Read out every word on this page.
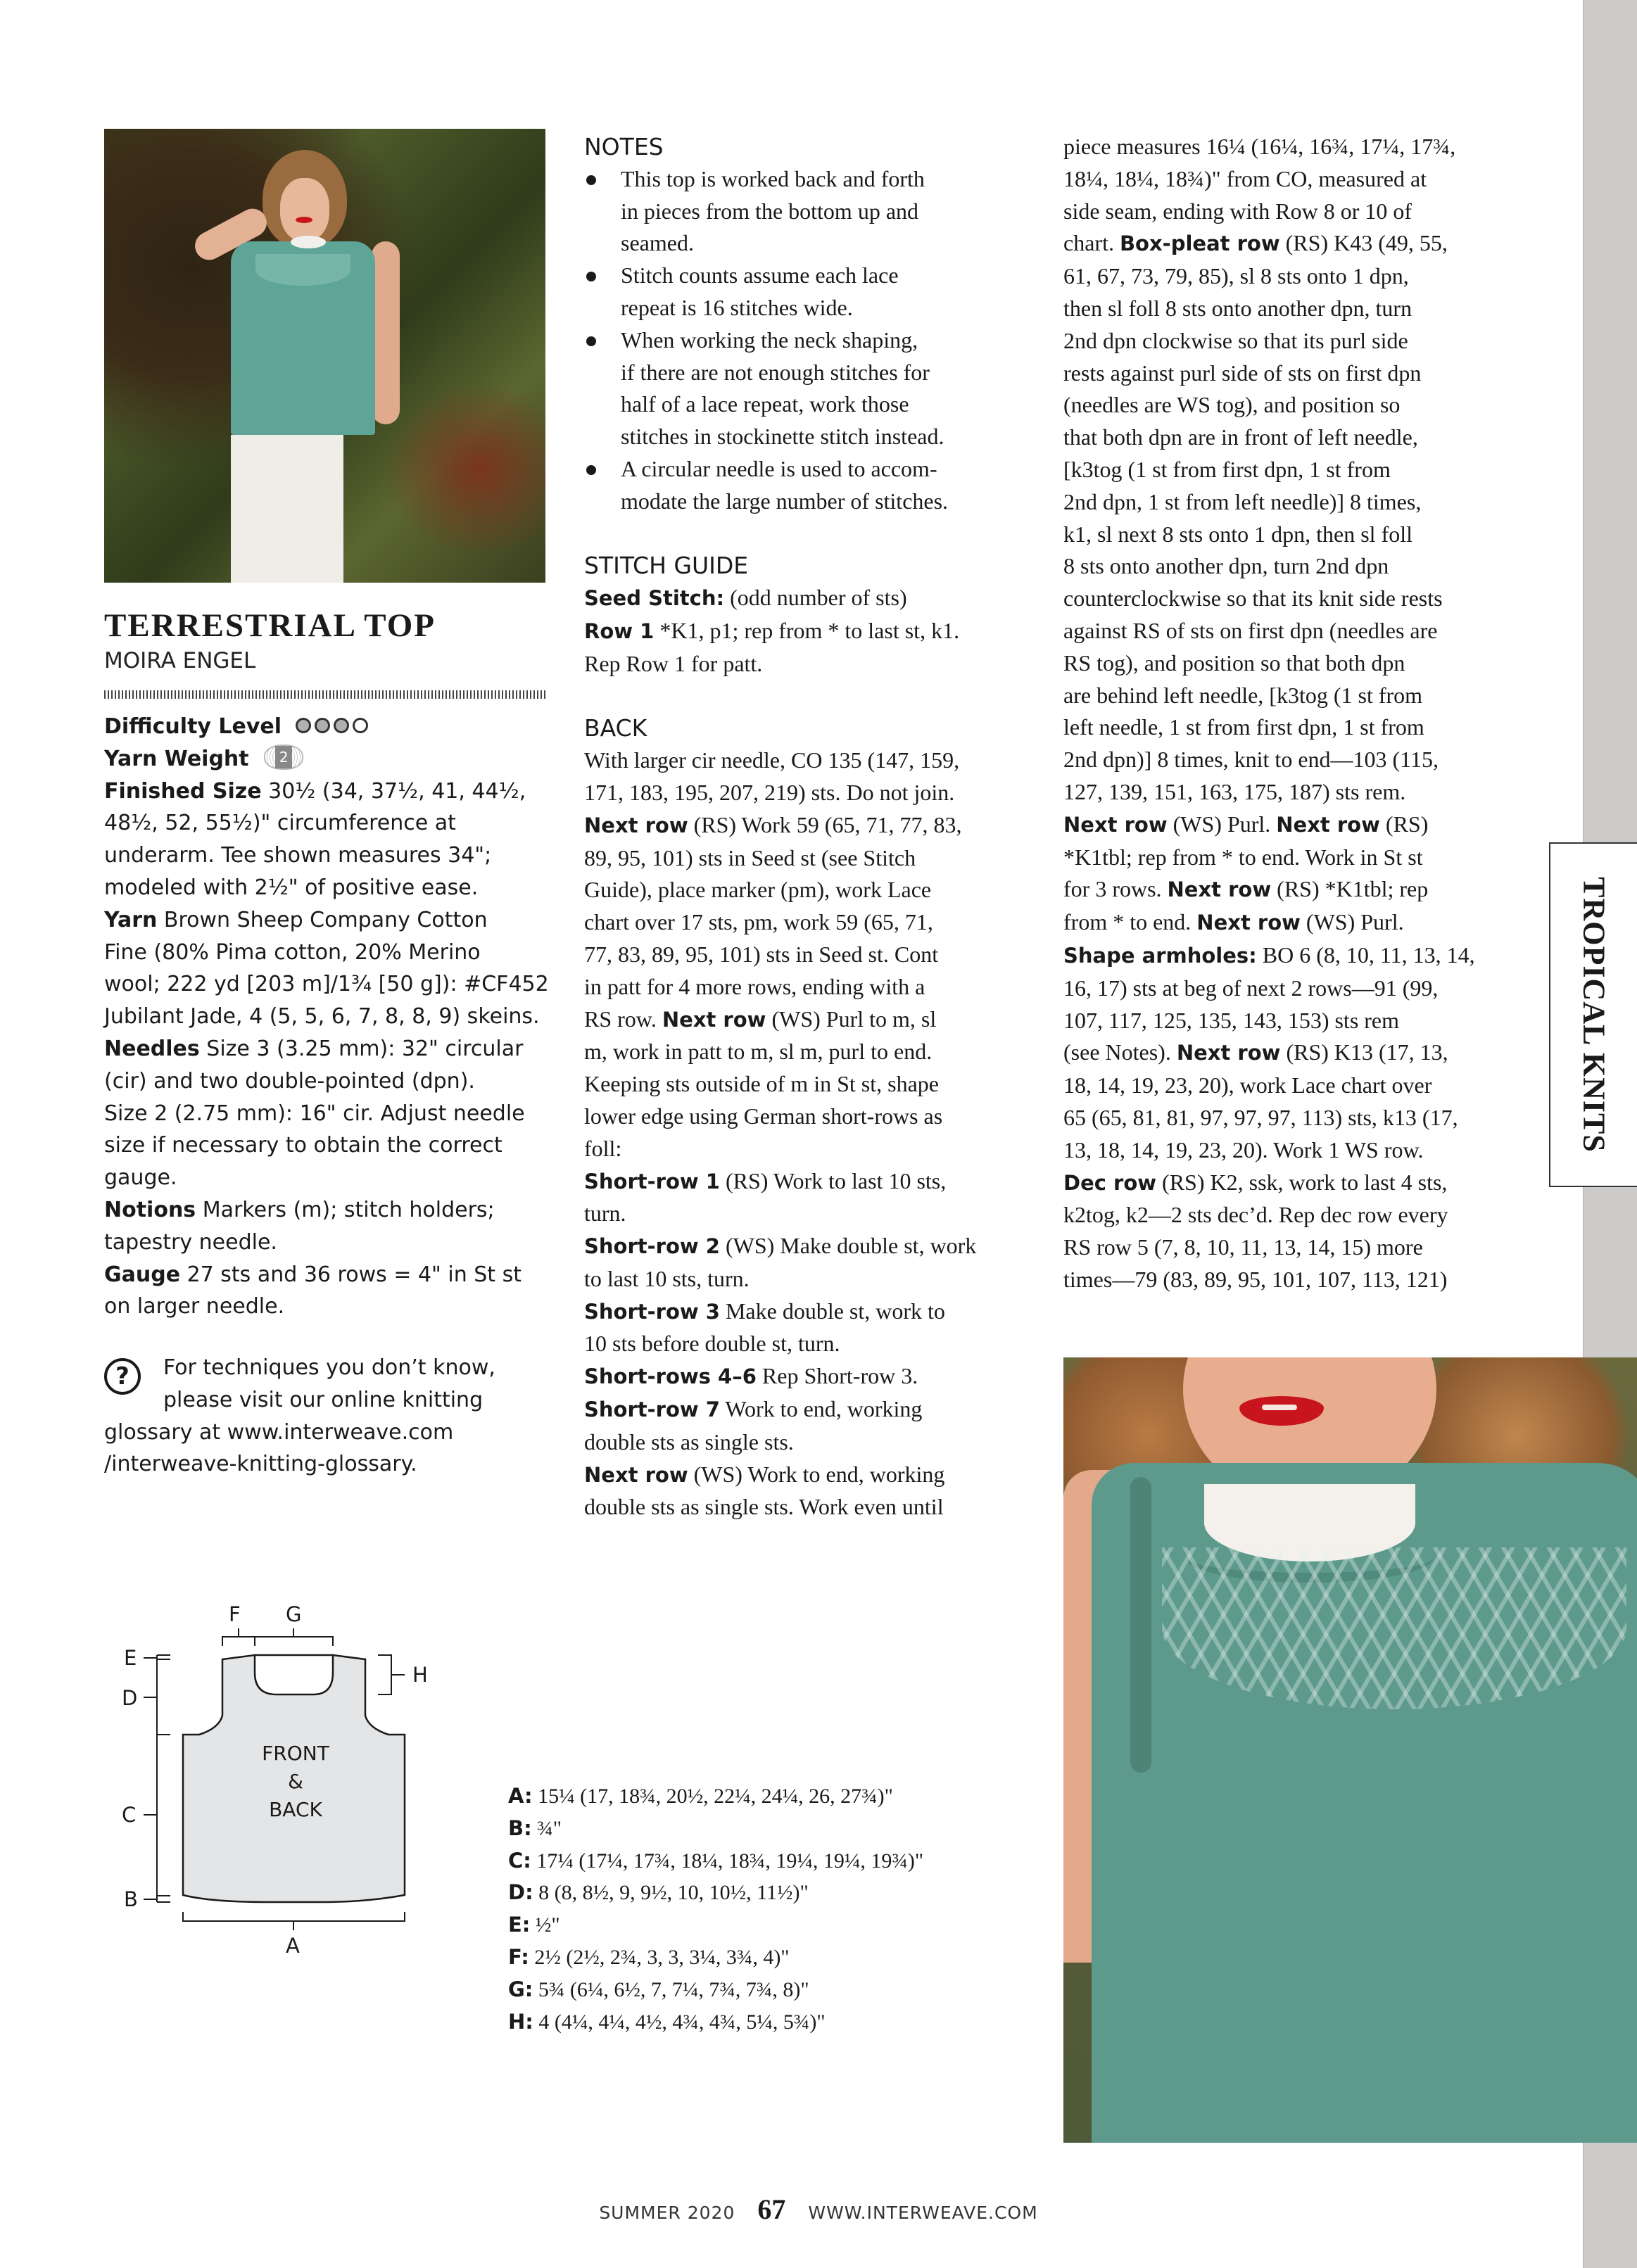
TERRESTRIAL TOP
MOIRA ENGEL
Difficulty Level
Yarn Weight 2
Finished Size 30½ (34, 37½, 41, 44½,
48½, 52, 55½)" circumference at
underarm. Tee shown measures 34";
modeled with 2½" of positive ease.
Yarn Brown Sheep Company Cotton
Fine (80% Pima cotton, 20% Merino
wool; 222 yd [203 m]/1¾ [50 g]): #CF452
Jubilant Jade, 4 (5, 5, 6, 7, 8, 8, 9) skeins.
Needles Size 3 (3.25 mm): 32" circular
(cir) and two double-pointed (dpn).
Size 2 (2.75 mm): 16" cir. Adjust needle
size if necessary to obtain the correct
gauge.
Notions Markers (m); stitch holders;
tapestry needle.
Gauge 27 sts and 36 rows = 4" in St st
on larger needle.
?	For techniques you don’t know,
please visit our online knitting
glossary at www.interweave.com
/interweave-knitting-glossary.
NOTES
This top is worked back and forth
in pieces from the bottom up and
seamed.
Stitch counts assume each lace
repeat is 16 stitches wide.
When working the neck shaping,
if there are not enough stitches for
half of a lace repeat, work those
stitches in stockinette stitch instead.
A circular needle is used to accom-
modate the large number of stitches.
STITCH GUIDE
Seed Stitch: (odd number of sts)
Row 1 *K1, p1; rep from * to last st, k1.
Rep Row 1 for patt.
BACK
With larger cir needle, CO 135 (147, 159,
171, 183, 195, 207, 219) sts. Do not join.
Next row (RS) Work 59 (65, 71, 77, 83,
89, 95, 101) sts in Seed st (see Stitch
Guide), place marker (pm), work Lace
chart over 17 sts, pm, work 59 (65, 71,
77, 83, 89, 95, 101) sts in Seed st. Cont
in patt for 4 more rows, ending with a
RS row. Next row (WS) Purl to m, sl
m, work in patt to m, sl m, purl to end.
Keeping sts outside of m in St st, shape
lower edge using German short-rows as
foll:
Short-row 1 (RS) Work to last 10 sts,
turn.
Short-row 2 (WS) Make double st, work
to last 10 sts, turn.
Short-row 3 Make double st, work to
10 sts before double st, turn.
Short-rows 4–6 Rep Short-row 3.
Short-row 7 Work to end, working
double sts as single sts.
Next row (WS) Work to end, working
double sts as single sts. Work even until
piece measures 16¼ (16¼, 16¾, 17¼, 17¾,
18¼, 18¼, 18¾)" from CO, measured at
side seam, ending with Row 8 or 10 of
chart. Box-pleat row (RS) K43 (49, 55,
61, 67, 73, 79, 85), sl 8 sts onto 1 dpn,
then sl foll 8 sts onto another dpn, turn
2nd dpn clockwise so that its purl side
rests against purl side of sts on first dpn
(needles are WS tog), and position so
that both dpn are in front of left needle,
[k3tog (1 st from first dpn, 1 st from
2nd dpn, 1 st from left needle)] 8 times,
k1, sl next 8 sts onto 1 dpn, then sl foll
8 sts onto another dpn, turn 2nd dpn
counterclockwise so that its knit side rests
against RS of sts on first dpn (needles are
RS tog), and position so that both dpn
are behind left needle, [k3tog (1 st from
left needle, 1 st from first dpn, 1 st from
2nd dpn)] 8 times, knit to end—103 (115,
127, 139, 151, 163, 175, 187) sts rem.
Next row (WS) Purl. Next row (RS)
*K1tbl; rep from * to end. Work in St st
for 3 rows. Next row (RS) *K1tbl; rep
from * to end. Next row (WS) Purl.
Shape armholes: BO 6 (8, 10, 11, 13, 14,
16, 17) sts at beg of next 2 rows—91 (99,
107, 117, 125, 135, 143, 153) sts rem
(see Notes). Next row (RS) K13 (17, 13,
18, 14, 19, 23, 20), work Lace chart over
65 (65, 81, 81, 97, 97, 97, 113) sts, k13 (17,
13, 18, 14, 19, 23, 20). Work 1 WS row.
Dec row (RS) K2, ssk, work to last 4 sts,
k2tog, k2—2 sts dec’d. Rep dec row every
RS row 5 (7, 8, 10, 11, 13, 14, 15) more
times—79 (83, 89, 95, 101, 107, 113, 121)
TROPICAL KNITS
F G
E
H
D
C
B
A
FRONT
&
BACK
A: 15¼ (17, 18¾, 20½, 22¼, 24¼, 26, 27¾)"
B: ¾"
C: 17¼ (17¼, 17¾, 18¼, 18¾, 19¼, 19¼, 19¾)"
D: 8 (8, 8½, 9, 9½, 10, 10½, 11½)"
E: ½"
F: 2½ (2½, 2¾, 3, 3, 3¼, 3¾, 4)"
G: 5¾ (6¼, 6½, 7, 7¼, 7¾, 7¾, 8)"
H: 4 (4¼, 4¼, 4½, 4¾, 4¾, 5¼, 5¾)"
SUMMER 2020 67 WWW.INTERWEAVE.COM
